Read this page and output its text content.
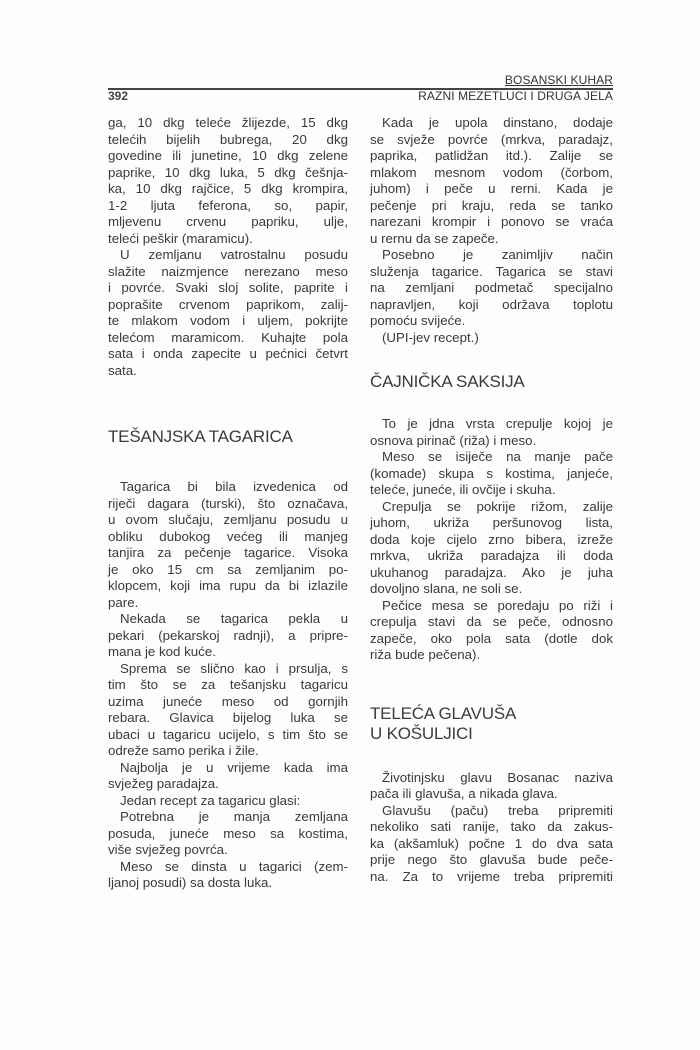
BOSANSKI KUHAR
392	RAZNI MEZETLUCI I DRUGA JELA
ga, 10 dkg teleće žlijezde, 15 dkg
telećih bijelih bubrega, 20 dkg
govedine ili junetine, 10 dkg zelene
paprike, 10 dkg luka, 5 dkg češnja-
ka, 10 dkg rajčice, 5 dkg krompira,
1-2 ljuta feferona, so, papir,
mljevenu crvenu papriku, ulje,
teleći peškir (maramicu).
U zemljanu vatrostalnu posudu
slažite naizmjence nerezano meso
i povrće. Svaki sloj solite, paprite i
poprašite crvenom paprikom, zalij-
te mlakom vodom i uljem, pokrijte
telećom maramicom. Kuhajte pola
sata i onda zapecite u pećnici četvrt
sata.
TEŠANJSKA TAGARICA
Tagarica bi bila izvedenica od
riječi dagara (turski), što označava,
u ovom slučaju, zemljanu posudu u
obliku dubokog većeg ili manjeg
tanjira za pečenje tagarice. Visoka
je oko 15 cm sa zemljanim po-
klopcem, koji ima rupu da bi izlazile
pare.
Nekada se tagarica pekla u
pekari (pekarskoj radnji), a pripre-
mana je kod kuće.
Sprema se slično kao i prsulja, s
tim što se za tešanjsku tagaricu
uzima juneće meso od gornjih
rebara. Glavica bijelog luka se
ubaci u tagaricu ucijelo, s tim što se
odreže samo perika i žile.
Najbolja je u vrijeme kada ima
svježeg paradajza.
Jedan recept za tagaricu glasi:
Potrebna je manja zemljana
posuda, juneće meso sa kostima,
više svježeg povrća.
Meso se dinsta u tagarici (zem-
ljanoj posudi) sa dosta luka.
Kada je upola dinstano, dodaje
se svježe povrće (mrkva, paradajz,
paprika, patlidžan itd.). Zalije se
mlakom mesnom vodom (čorbom,
juhom) i peče u rerni. Kada je
pečenje pri kraju, reda se tanko
narezani krompir i ponovo se vraća
u rernu da se zapeče.
Posebno je zanimljiv način
služenja tagarice. Tagarica se stavi
na zemljani podmetač specijalno
napravljen, koji održava toplotu
pomoću svijeće.
(UPI-jev recept.)
ČAJNIČKA SAKSIJA
To je jdna vrsta crepulje kojoj je
osnova pirinač (riža) i meso.
Meso se isiječe na manje pače
(komade) skupa s kostima, janjeće,
teleće, juneće, ili ovčije i skuha.
Crepulja se pokrije rižom, zalije
juhom, ukriža peršunovog lista,
doda koje cijelo zrno bibera, izreže
mrkva, ukriža paradajza ili doda
ukuhanog paradajza. Ako je juha
dovoljno slana, ne soli se.
Pečice mesa se poredaju po riži i
crepulja stavi da se peče, odnosno
zapeče, oko pola sata (dotle dok
riža bude pečena).
TELEĆA GLAVUŠA
U KOŠULJICI
Životinjsku glavu Bosanac naziva
pača ili glavuša, a nikada glava.
Glavušu (paču) treba pripremiti
nekoliko sati ranije, tako da zakus-
ka (akšamluk) počne 1 do dva sata
prije nego što glavuša bude peče-
na. Za to vrijeme treba pripremiti
